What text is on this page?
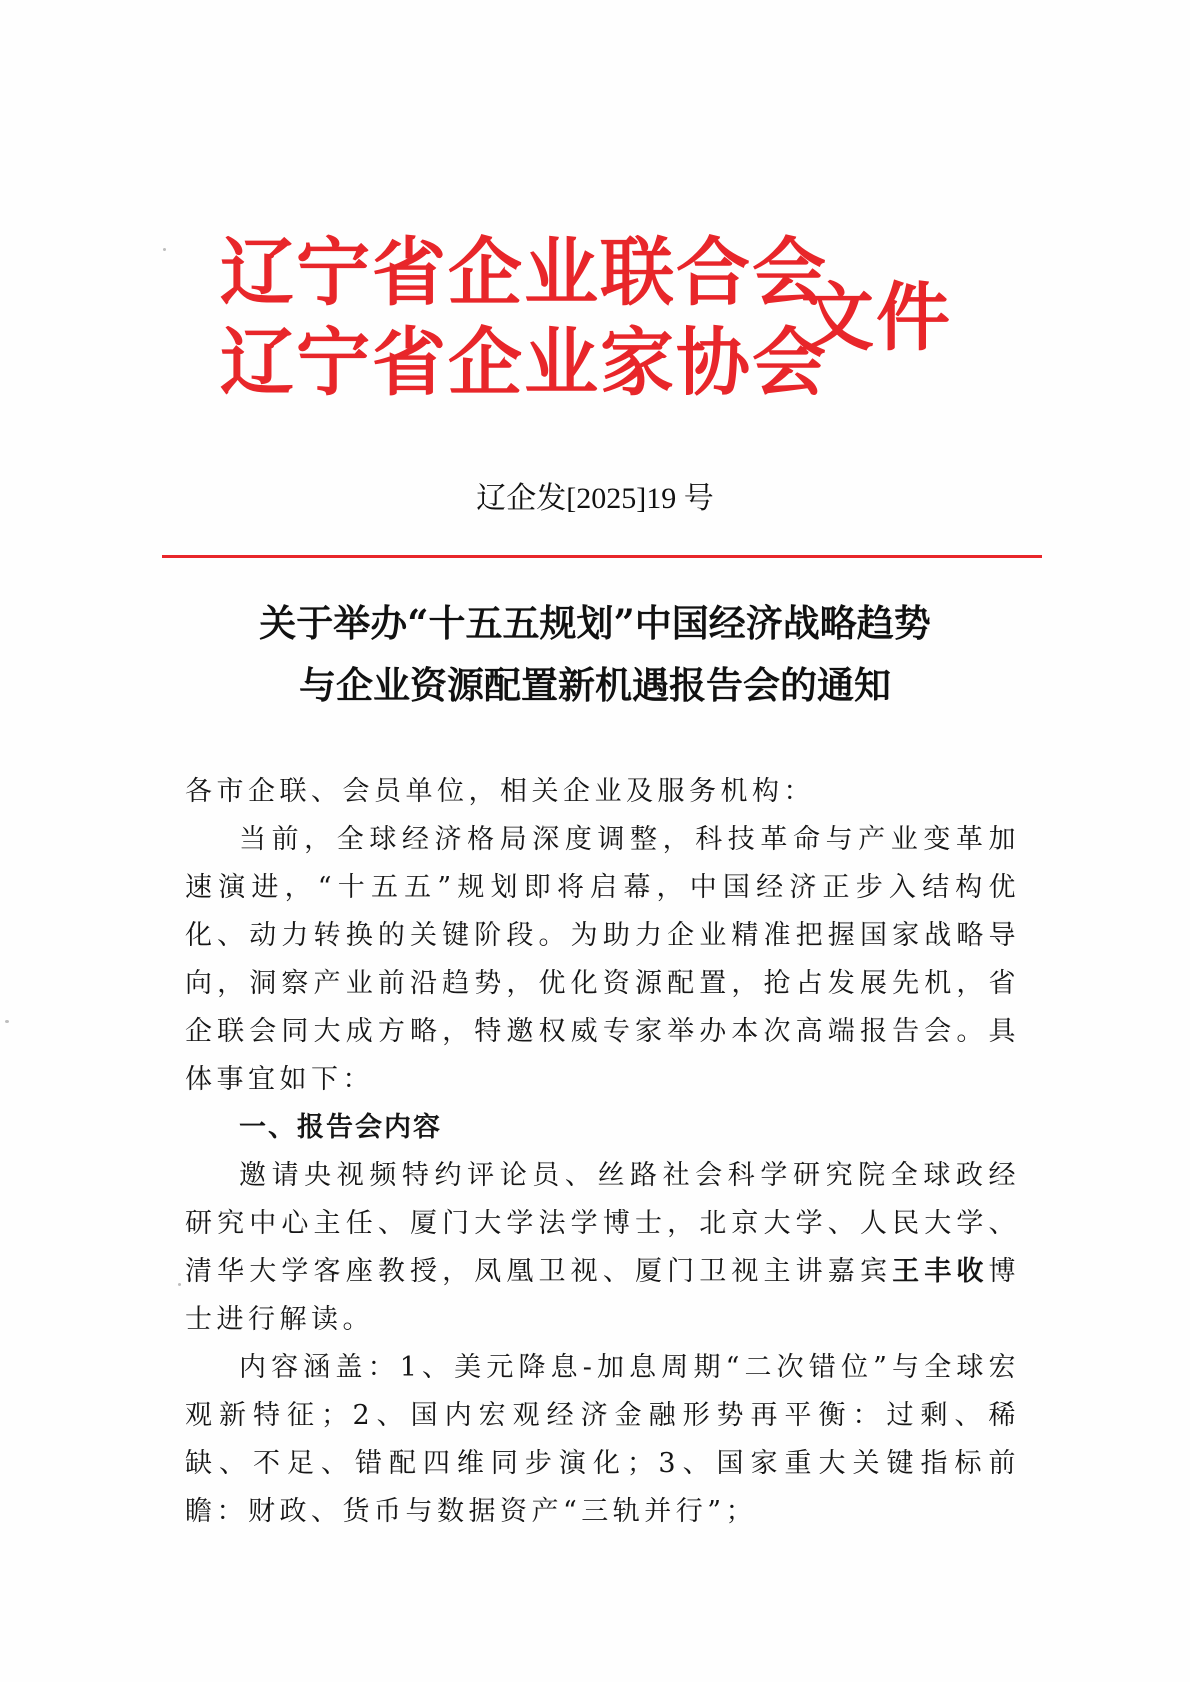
辽宁省企业联合会
辽宁省企业家协会
文件
辽企发[2025]19 号
关于举办“十五五规划”中国经济战略趋势
与企业资源配置新机遇报告会的通知

各市企联、会员单位，相关企业及服务机构：

当前，全球经济格局深度调整，科技革命与产业变革加速演进，“十五五”规划即将启幕，中国经济正步入结构优化、动力转换的关键阶段。为助力企业精准把握国家战略导向，洞察产业前沿趋势，优化资源配置，抢占发展先机，省企联会同大成方略，特邀权威专家举办本次高端报告会。具体事宜如下：

一、报告会内容

邀请央视频特约评论员、丝路社会科学研究院全球政经研究中心主任、厦门大学法学博士，北京大学、人民大学、清华大学客座教授，凤凰卫视、厦门卫视主讲嘉宾王丰收博士进行解读。

内容涵盖：1、美元降息-加息周期“二次错位”与全球宏观新特征；2、国内宏观经济金融形势再平衡：过剩、稀缺、不足、错配四维同步演化；3、国家重大关键指标前瞻：财政、货币与数据资产“三轨并行”；
